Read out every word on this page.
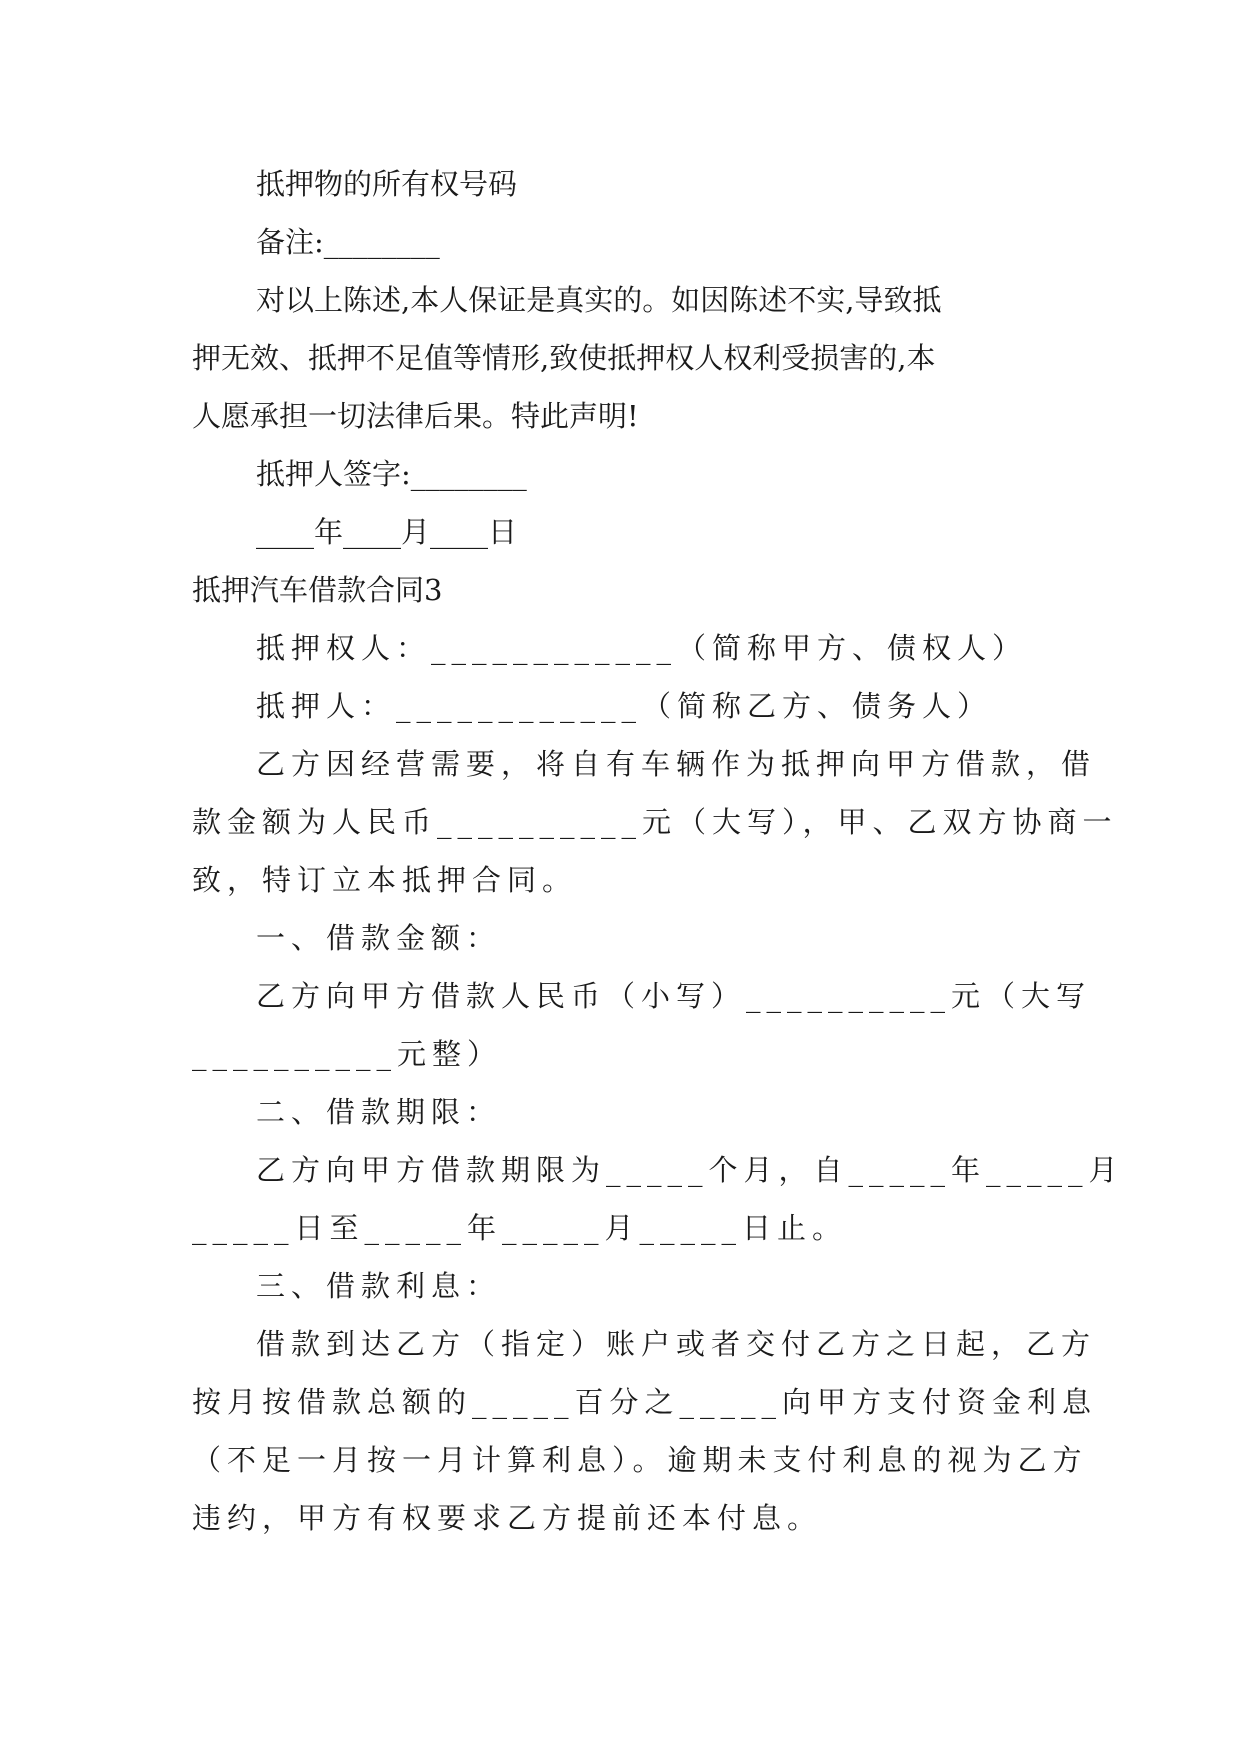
抵押物的所有权号码
备注:________
对以上陈述,本人保证是真实的。如因陈述不实,导致抵
押无效、抵押不足值等情形,致使抵押权人权利受损害的,本
人愿承担一切法律后果。特此声明!
抵押人签字:________
____年____月____日
抵押汽车借款合同3
抵押权人：____________（简称甲方、债权人）
抵押人：____________（简称乙方、债务人）
乙方因经营需要，将自有车辆作为抵押向甲方借款，借
款金额为人民币__________元（大写），甲、乙双方协商一
致，特订立本抵押合同。
一、借款金额：
乙方向甲方借款人民币（小写）__________元（大写
__________元整）
二、借款期限：
乙方向甲方借款期限为_____个月，自_____年_____月
_____日至_____年_____月_____日止。
三、借款利息：
借款到达乙方（指定）账户或者交付乙方之日起，乙方
按月按借款总额的_____百分之_____向甲方支付资金利息
（不足一月按一月计算利息）。逾期未支付利息的视为乙方
违约，甲方有权要求乙方提前还本付息。
